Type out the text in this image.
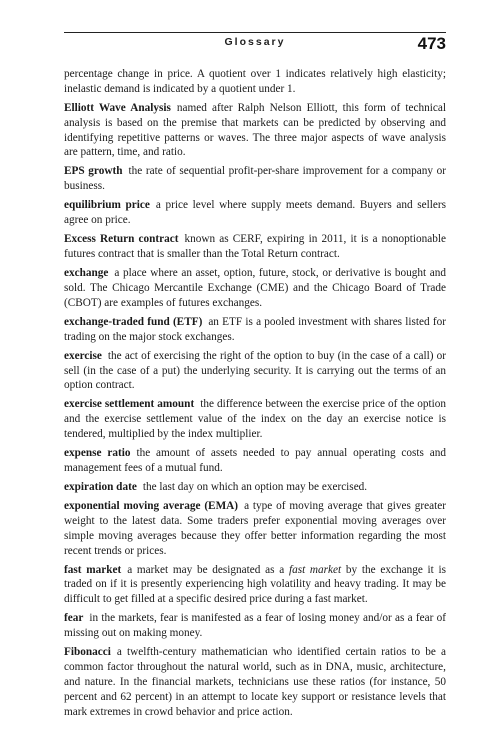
Glossary	473

percentage change in price. A quotient over 1 indicates relatively high elasticity; inelastic demand is indicated by a quotient under 1.

Elliott Wave Analysis named after Ralph Nelson Elliott, this form of technical analysis is based on the premise that markets can be predicted by observing and identifying repetitive patterns or waves. The three major aspects of wave analysis are pattern, time, and ratio.

EPS growth the rate of sequential profit-per-share improvement for a company or business.

equilibrium price a price level where supply meets demand. Buyers and sellers agree on price.

Excess Return contract known as CERF, expiring in 2011, it is a nonoptionable futures contract that is smaller than the Total Return contract.

exchange a place where an asset, option, future, stock, or derivative is bought and sold. The Chicago Mercantile Exchange (CME) and the Chicago Board of Trade (CBOT) are examples of futures exchanges.

exchange-traded fund (ETF) an ETF is a pooled investment with shares listed for trading on the major stock exchanges.

exercise the act of exercising the right of the option to buy (in the case of a call) or sell (in the case of a put) the underlying security. It is carrying out the terms of an option contract.

exercise settlement amount the difference between the exercise price of the option and the exercise settlement value of the index on the day an exercise notice is tendered, multiplied by the index multiplier.

expense ratio the amount of assets needed to pay annual operating costs and management fees of a mutual fund.

expiration date the last day on which an option may be exercised.

exponential moving average (EMA) a type of moving average that gives greater weight to the latest data. Some traders prefer exponential moving averages over simple moving averages because they offer better information regarding the most recent trends or prices.

fast market a market may be designated as a fast market by the exchange it is traded on if it is presently experiencing high volatility and heavy trading. It may be difficult to get filled at a specific desired price during a fast market.

fear in the markets, fear is manifested as a fear of losing money and/or as a fear of missing out on making money.

Fibonacci a twelfth-century mathematician who identified certain ratios to be a common factor throughout the natural world, such as in DNA, music, architecture, and nature. In the financial markets, technicians use these ratios (for instance, 50 percent and 62 percent) in an attempt to locate key support or resistance levels that mark extremes in crowd behavior and price action.
